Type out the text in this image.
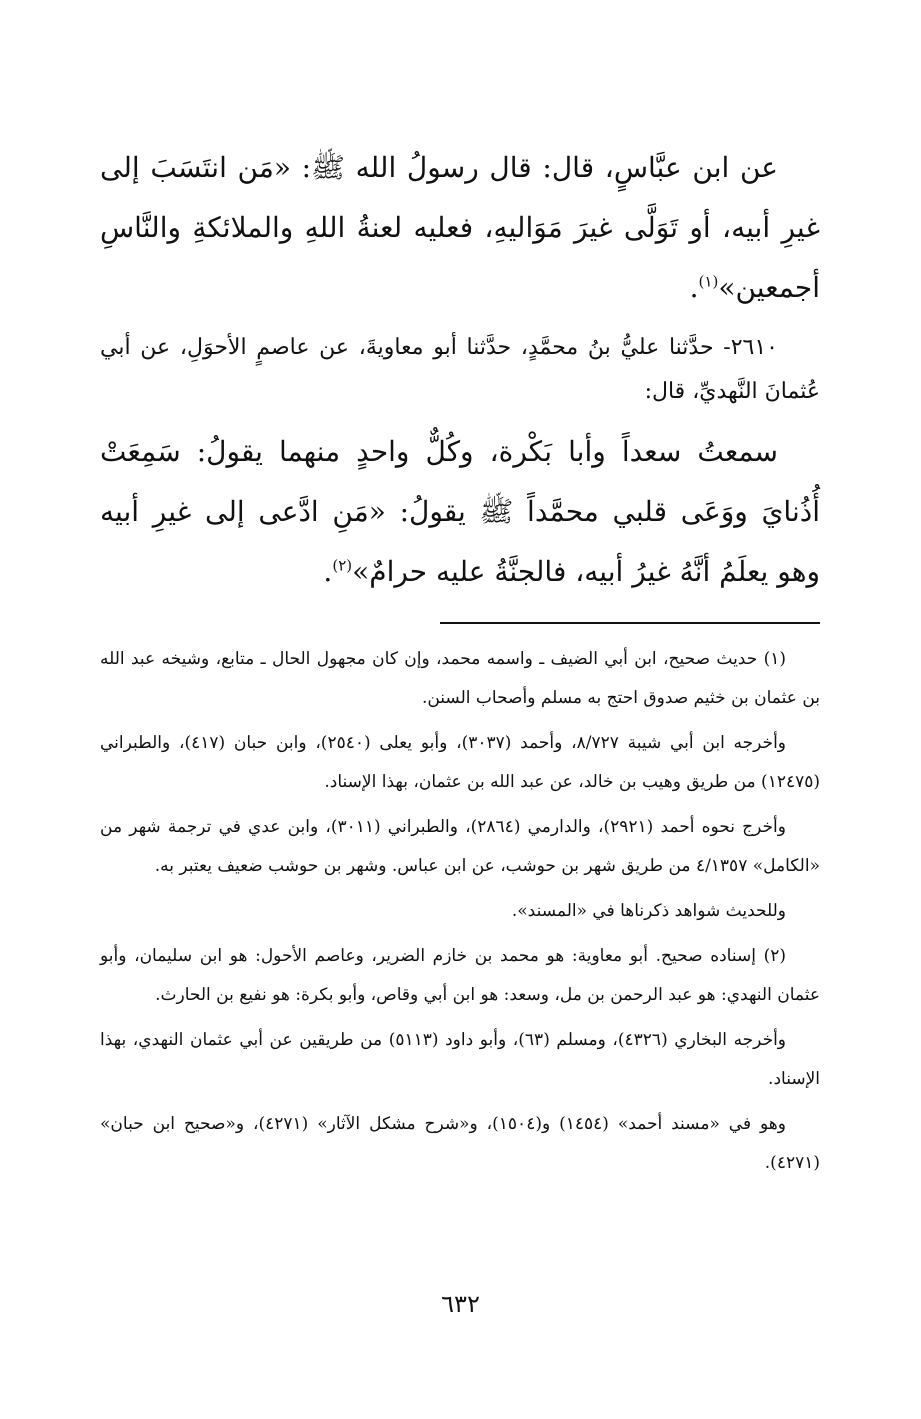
عن ابن عبَّاسٍ، قال: قال رسولُ الله ﷺ: «مَن انتَسَبَ إلى غيرِ أبيه، أو تَوَلَّى غيرَ مَوَاليهِ، فعليه لعنةُ اللهِ والملائكةِ والنَّاسِ أجمعين»$^{(١)}$.

٢٦١٠- حدَّثنا عليُّ بنُ محمَّدٍ، حدَّثنا أبو معاويةَ، عن عاصمٍ الأحوَلِ، عن أبي عُثمانَ النَّهديِّ، قال:

سمعتُ سعداً وأبا بَكْرة، وكُلٌّ واحدٍ منهما يقولُ: سَمِعَتْ أُذُنايَ ووَعَى قلبي محمَّداً ﷺ يقولُ: «مَنِ ادَّعى إلى غيرِ أبيه وهو يعلَمُ أنَّهُ غيرُ أبيه، فالجنَّةُ عليه حرامٌ»$^{(٢)}$.

(١) حديث صحيح، ابن أبي الضيف ـ واسمه محمد، وإن كان مجهول الحال ـ متابع، وشيخه عبد الله بن عثمان بن خثيم صدوق احتج به مسلم وأصحاب السنن.

وأخرجه ابن أبي شيبة ٨/٧٢٧، وأحمد (٣٠٣٧)، وأبو يعلى (٢٥٤٠)، وابن حبان (٤١٧)، والطبراني (١٢٤٧٥) من طريق وهيب بن خالد، عن عبد الله بن عثمان، بهذا الإسناد.

وأخرج نحوه أحمد (٢٩٢١)، والدارمي (٢٨٦٤)، والطبراني (٣٠١١)، وابن عدي في ترجمة شهر من «الكامل» ٤/١٣٥٧ من طريق شهر بن حوشب، عن ابن عباس. وشهر بن حوشب ضعيف يعتبر به.

وللحديث شواهد ذكرناها في «المسند».

(٢) إسناده صحيح. أبو معاوية: هو محمد بن خازم الضرير، وعاصم الأحول: هو ابن سليمان، وأبو عثمان النهدي: هو عبد الرحمن بن مل، وسعد: هو ابن أبي وقاص، وأبو بكرة: هو نفيع بن الحارث.

وأخرجه البخاري (٤٣٢٦)، ومسلم (٦٣)، وأبو داود (٥١١٣) من طريقين عن أبي عثمان النهدي، بهذا الإسناد.

وهو في «مسند أحمد» (١٤٥٤) و(١٥٠٤)، و«شرح مشكل الآثار» (٤٢٧١)، و«صحيح ابن حبان» (٤٢٧١).

٦٣٢
